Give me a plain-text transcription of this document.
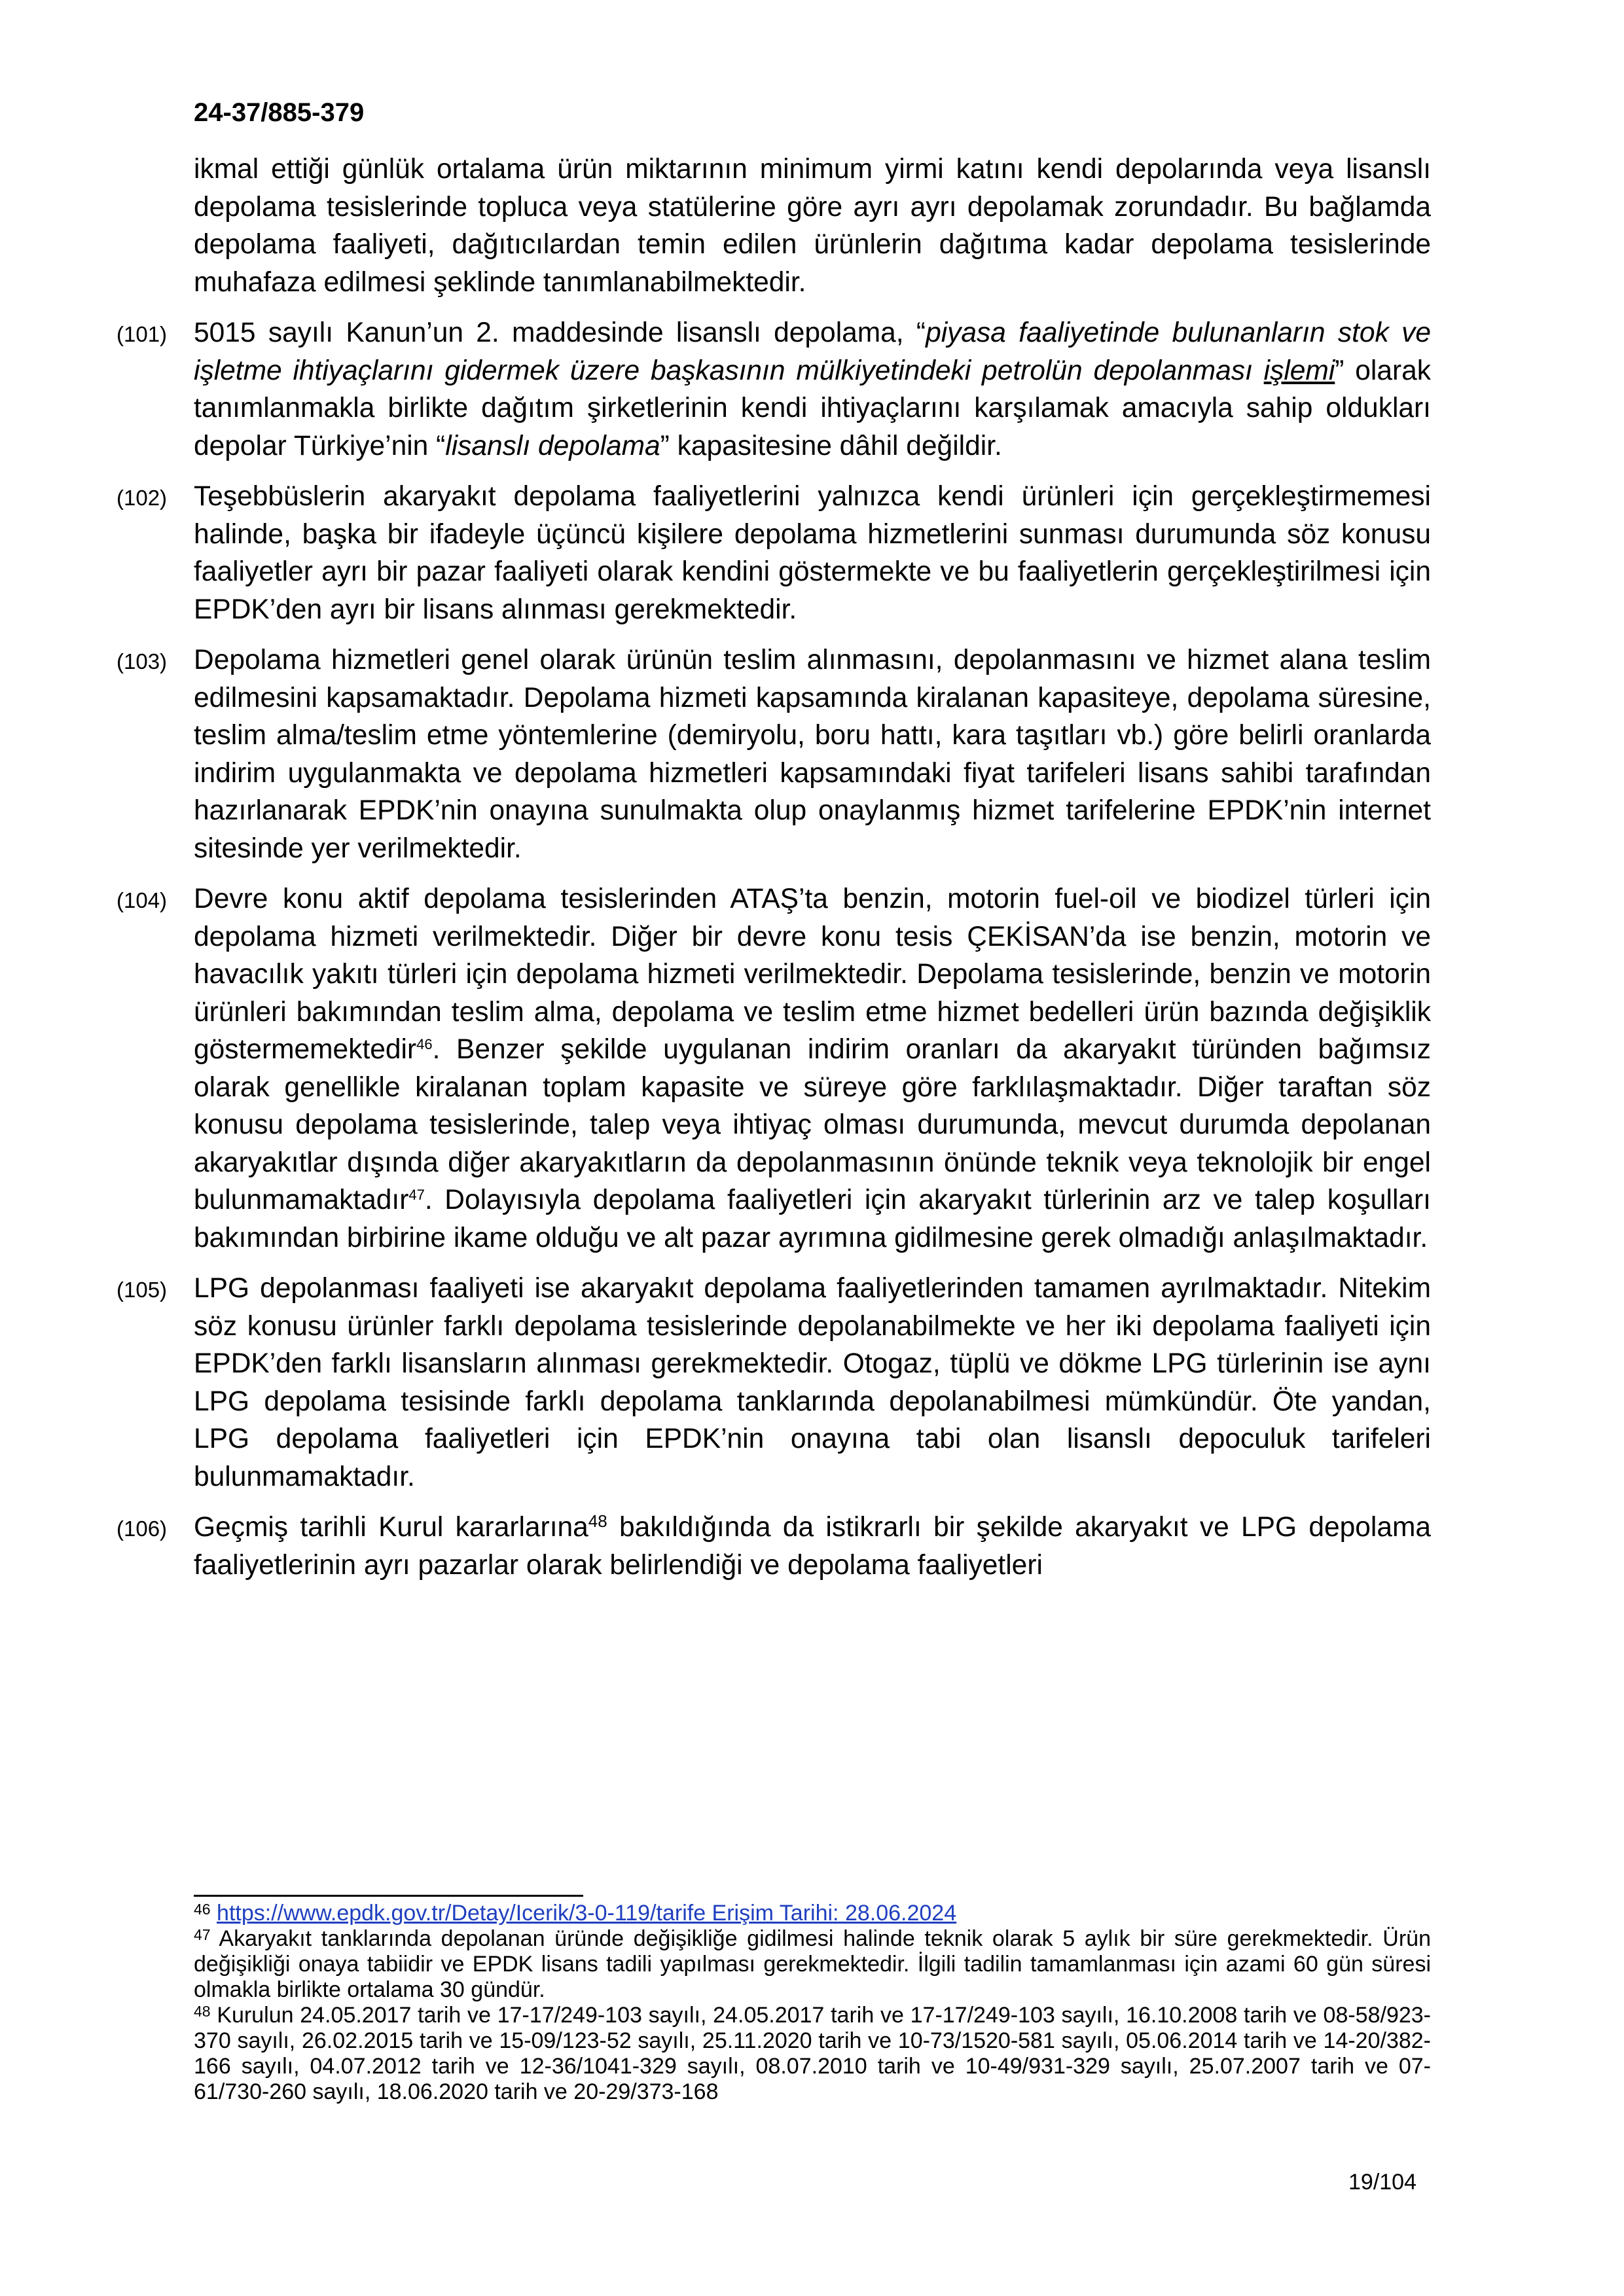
24-37/885-379

ikmal ettiği günlük ortalama ürün miktarının minimum yirmi katını kendi depolarında veya lisanslı depolama tesislerinde topluca veya statülerine göre ayrı ayrı depolamak zorundadır. Bu bağlamda depolama faaliyeti, dağıtıcılardan temin edilen ürünlerin dağıtıma kadar depolama tesislerinde muhafaza edilmesi şeklinde tanımlanabilmektedir.

(101) 5015 sayılı Kanun’un 2. maddesinde lisanslı depolama, “piyasa faaliyetinde bulunanların stok ve işletme ihtiyaçlarını gidermek üzere başkasının mülkiyetindeki petrolün depolanması işlemi” olarak tanımlanmakla birlikte dağıtım şirketlerinin kendi ihtiyaçlarını karşılamak amacıyla sahip oldukları depolar Türkiye’nin “lisanslı depolama” kapasitesine dâhil değildir.

(102) Teşebbüslerin akaryakıt depolama faaliyetlerini yalnızca kendi ürünleri için gerçekleştirmemesi halinde, başka bir ifadeyle üçüncü kişilere depolama hizmetlerini sunması durumunda söz konusu faaliyetler ayrı bir pazar faaliyeti olarak kendini göstermekte ve bu faaliyetlerin gerçekleştirilmesi için EPDK’den ayrı bir lisans alınması gerekmektedir.

(103) Depolama hizmetleri genel olarak ürünün teslim alınmasını, depolanmasını ve hizmet alana teslim edilmesini kapsamaktadır. Depolama hizmeti kapsamında kiralanan kapasiteye, depolama süresine, teslim alma/teslim etme yöntemlerine (demiryolu, boru hattı, kara taşıtları vb.) göre belirli oranlarda indirim uygulanmakta ve depolama hizmetleri kapsamındaki fiyat tarifeleri lisans sahibi tarafından hazırlanarak EPDK’nin onayına sunulmakta olup onaylanmış hizmet tarifelerine EPDK’nin internet sitesinde yer verilmektedir.

(104) Devre konu aktif depolama tesislerinden ATAŞ’ta benzin, motorin fuel-oil ve biodizel türleri için depolama hizmeti verilmektedir. Diğer bir devre konu tesis ÇEKİSAN’da ise benzin, motorin ve havacılık yakıtı türleri için depolama hizmeti verilmektedir. Depolama tesislerinde, benzin ve motorin ürünleri bakımından teslim alma, depolama ve teslim etme hizmet bedelleri ürün bazında değişiklik göstermemektedir$^{46}$. Benzer şekilde uygulanan indirim oranları da akaryakıt türünden bağımsız olarak genellikle kiralanan toplam kapasite ve süreye göre farklılaşmaktadır. Diğer taraftan söz konusu depolama tesislerinde, talep veya ihtiyaç olması durumunda, mevcut durumda depolanan akaryakıtlar dışında diğer akaryakıtların da depolanmasının önünde teknik veya teknolojik bir engel bulunmamaktadır$^{47}$. Dolayısıyla depolama faaliyetleri için akaryakıt türlerinin arz ve talep koşulları bakımından birbirine ikame olduğu ve alt pazar ayrımına gidilmesine gerek olmadığı anlaşılmaktadır.

(105) LPG depolanması faaliyeti ise akaryakıt depolama faaliyetlerinden tamamen ayrılmaktadır. Nitekim söz konusu ürünler farklı depolama tesislerinde depolanabilmekte ve her iki depolama faaliyeti için EPDK’den farklı lisansların alınması gerekmektedir. Otogaz, tüplü ve dökme LPG türlerinin ise aynı LPG depolama tesisinde farklı depolama tanklarında depolanabilmesi mümkündür. Öte yandan, LPG depolama faaliyetleri için EPDK’nin onayına tabi olan lisanslı depoculuk tarifeleri bulunmamaktadır.

(106) Geçmiş tarihli Kurul kararlarına$^{48}$ bakıldığında da istikrarlı bir şekilde akaryakıt ve LPG depolama faaliyetlerinin ayrı pazarlar olarak belirlendiği ve depolama faaliyetleri

$^{46}$ https://www.epdk.gov.tr/Detay/Icerik/3-0-119/tarife Erişim Tarihi: 28.06.2024

$^{47}$ Akaryakıt tanklarında depolanan üründe değişikliğe gidilmesi halinde teknik olarak 5 aylık bir süre gerekmektedir. Ürün değişikliği onaya tabiidir ve EPDK lisans tadili yapılması gerekmektedir. İlgili tadilin tamamlanması için azami 60 gün süresi olmakla birlikte ortalama 30 gündür.

$^{48}$ Kurulun 24.05.2017 tarih ve 17-17/249-103 sayılı, 24.05.2017 tarih ve 17-17/249-103 sayılı, 16.10.2008 tarih ve 08-58/923-370 sayılı, 26.02.2015 tarih ve 15-09/123-52 sayılı, 25.11.2020 tarih ve 10-73/1520-581 sayılı, 05.06.2014 tarih ve 14-20/382-166 sayılı, 04.07.2012 tarih ve 12-36/1041-329 sayılı, 08.07.2010 tarih ve 10-49/931-329 sayılı, 25.07.2007 tarih ve 07-61/730-260 sayılı, 18.06.2020 tarih ve 20-29/373-168

19/104
